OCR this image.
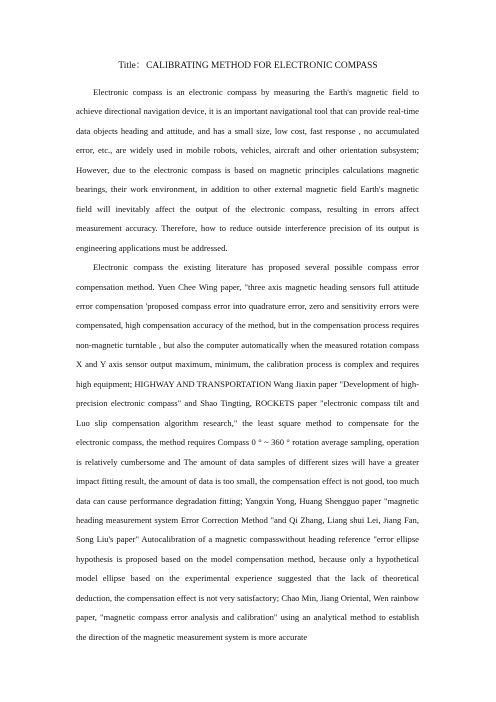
Title：CALIBRATING METHOD FOR ELECTRONIC COMPASS

Electronic compass is an electronic compass by measuring the Earth's magnetic field to achieve directional navigation device, it is an important navigational tool that can provide real-time data objects heading and attitude, and has a small size, low cost, fast response , no accumulated error, etc., are widely used in mobile robots, vehicles, aircraft and other orientation subsystem; However, due to the electronic compass is based on magnetic principles calculations magnetic bearings, their work environment, in addition to other external magnetic field Earth's magnetic field will inevitably affect the output of the electronic compass, resulting in errors affect measurement accuracy. Therefore, how to reduce outside interference precision of its output is engineering applications must be addressed.

Electronic compass the existing literature has proposed several possible compass error compensation method. Yuen Chee Wing paper, "three axis magnetic heading sensors full attitude error compensation 'proposed compass error into quadrature error, zero and sensitivity errors were compensated, high compensation accuracy of the method, but in the compensation process requires non-magnetic turntable , but also the computer automatically when the measured rotation compass X and Y axis sensor output maximum, minimum, the calibration process is complex and requires high equipment; HIGHWAY AND TRANSPORTATION Wang Jiaxin paper "Development of high-precision electronic compass" and Shao Tingting, ROCKETS paper "electronic compass tilt and Luo slip compensation algorithm research," the least square method to compensate for the electronic compass, the method requires Compass 0 ° ~ 360 ° rotation average sampling, operation is relatively cumbersome and The amount of data samples of different sizes will have a greater impact fitting result, the amount of data is too small, the compensation effect is not good, too much data can cause performance degradation fitting; Yangxin Yong, Huang Shengguo paper "magnetic heading measurement system Error Correction Method "and Qi Zhang, Liang shui Lei, Jiang Fan, Song Liu's paper" Autocalibration of a magnetic compasswithout heading reference "error ellipse hypothesis is proposed based on the model compensation method, because only a hypothetical model ellipse based on the experimental experience suggested that the lack of theoretical deduction, the compensation effect is not very satisfactory; Chao Min, Jiang Oriental, Wen rainbow paper, "magnetic compass error analysis and calibration" using an analytical method to establish the direction of the magnetic measurement system is more accurate
